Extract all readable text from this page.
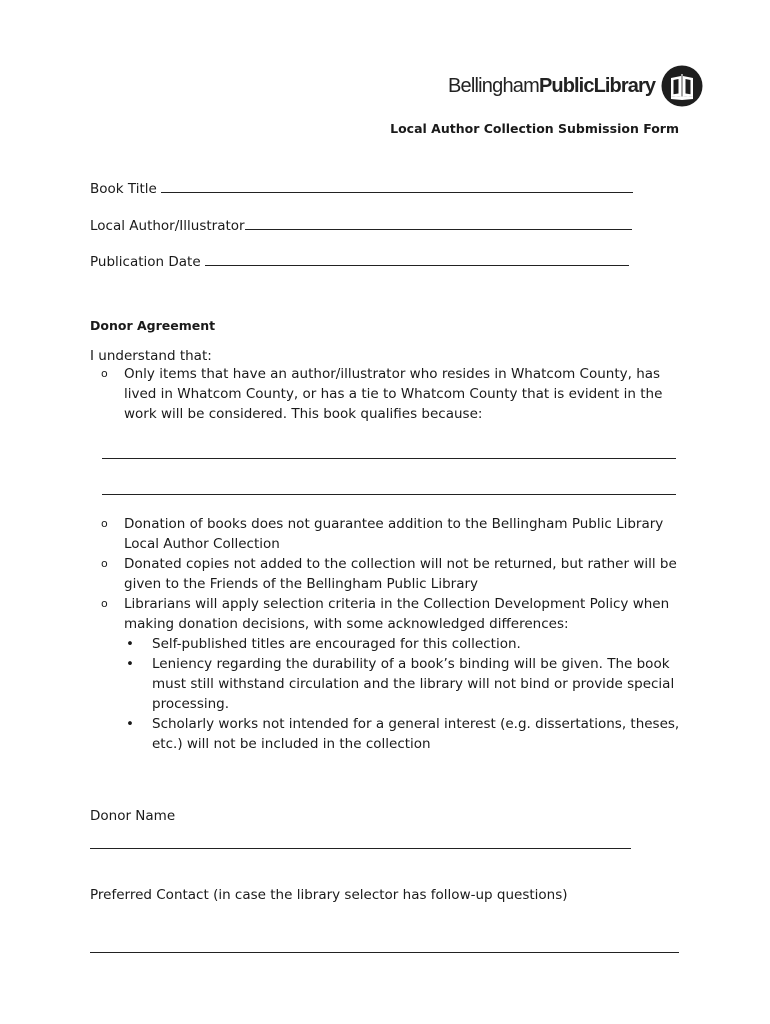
BellinghamPublicLibrary
Local Author Collection Submission Form
Book Title
Local Author/Illustrator
Publication Date
Donor Agreement
I understand that:
o Only items that have an author/illustrator who resides in Whatcom County, has lived in Whatcom County, or has a tie to Whatcom County that is evident in the work will be considered. This book qualifies because:
o Donation of books does not guarantee addition to the Bellingham Public Library Local Author Collection
o Donated copies not added to the collection will not be returned, but rather will be given to the Friends of the Bellingham Public Library
o Librarians will apply selection criteria in the Collection Development Policy when making donation decisions, with some acknowledged differences:
• Self-published titles are encouraged for this collection.
• Leniency regarding the durability of a book’s binding will be given. The book must still withstand circulation and the library will not bind or provide special processing.
• Scholarly works not intended for a general interest (e.g. dissertations, theses, etc.) will not be included in the collection
Donor Name
Preferred Contact (in case the library selector has follow-up questions)
